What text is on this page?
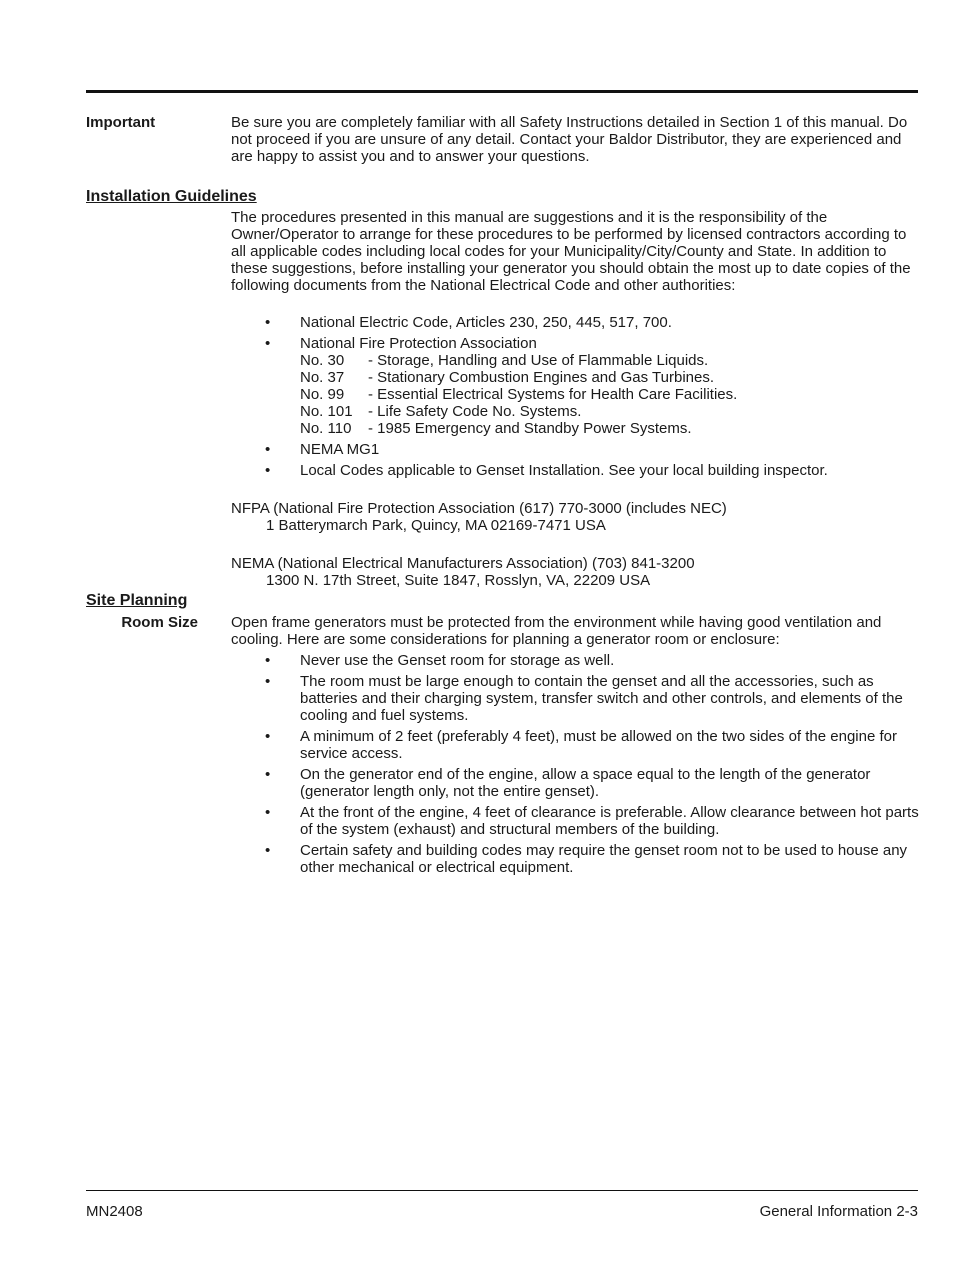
Important	Be sure you are completely familiar with all Safety Instructions detailed in Section 1 of this manual. Do not proceed if you are unsure of any detail. Contact your Baldor Distributor, they are experienced and are happy to assist you and to answer your questions.
Installation Guidelines
The procedures presented in this manual are suggestions and it is the responsibility of the Owner/Operator to arrange for these procedures to be performed by licensed contractors according to all applicable codes including local codes for your Municipality/City/County and State. In addition to these suggestions, before installing your generator you should obtain the most up to date copies of the following documents from the National Electrical Code and other authorities:
• National Electric Code, Articles 230, 250, 445, 517, 700.
• National Fire Protection Association
No. 30	- Storage, Handling and Use of Flammable Liquids.
No. 37	- Stationary Combustion Engines and Gas Turbines.
No. 99	- Essential Electrical Systems for Health Care Facilities.
No. 101	- Life Safety Code No. Systems.
No. 110	- 1985 Emergency and Standby Power Systems.
• NEMA MG1
• Local Codes applicable to Genset Installation. See your local building inspector.
NFPA (National Fire Protection Association (617) 770-3000 (includes NEC)
1 Batterymarch Park, Quincy, MA 02169-7471 USA
NEMA (National Electrical Manufacturers Association) (703) 841-3200
1300 N. 17th Street, Suite 1847, Rosslyn, VA, 22209 USA
Site Planning
Room Size Open frame generators must be protected from the environment while having good ventilation and cooling. Here are some considerations for planning a generator room or enclosure:
• Never use the Genset room for storage as well.
• The room must be large enough to contain the genset and all the accessories, such as batteries and their charging system, transfer switch and other controls, and elements of the cooling and fuel systems.
• A minimum of 2 feet (preferably 4 feet), must be allowed on the two sides of the engine for service access.
• On the generator end of the engine, allow a space equal to the length of the generator (generator length only, not the entire genset).
• At the front of the engine, 4 feet of clearance is preferable. Allow clearance between hot parts of the system (exhaust) and structural members of the building.
• Certain safety and building codes may require the genset room not to be used to house any other mechanical or electrical equipment.
MN2408	General Information 2-3
